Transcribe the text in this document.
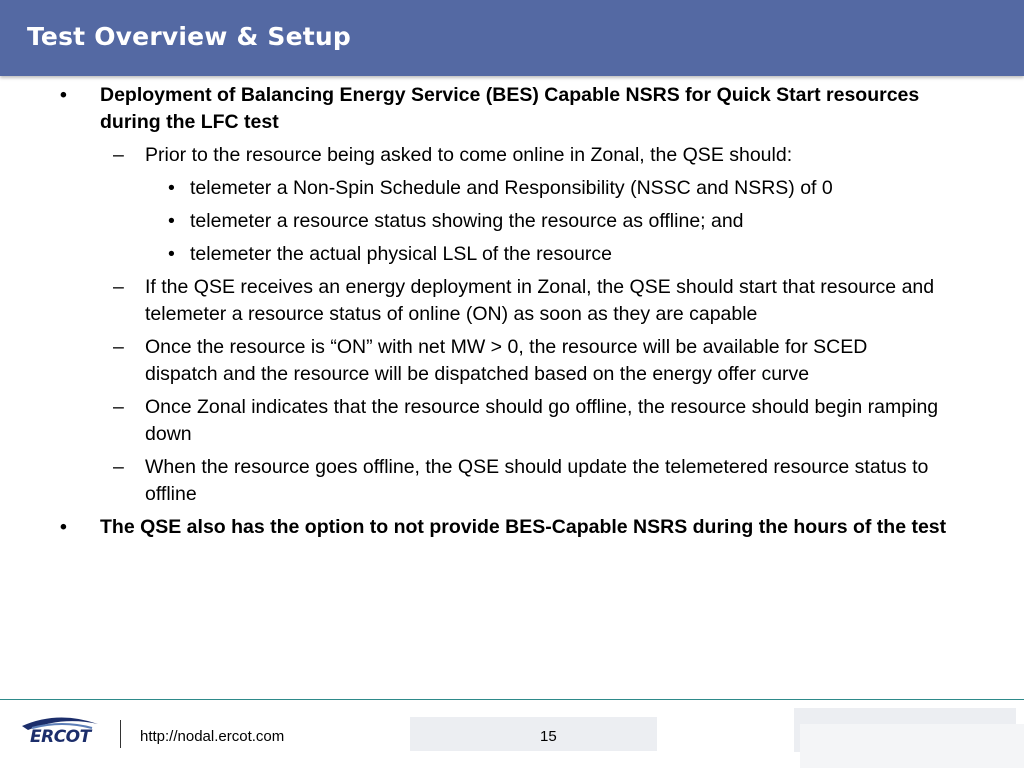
Test Overview & Setup
• Deployment of Balancing Energy Service (BES) Capable NSRS for Quick Start resources during the LFC test
– Prior to the resource being asked to come online in Zonal, the QSE should:
• telemeter a Non-Spin Schedule and Responsibility (NSSC and NSRS) of 0
• telemeter a resource status showing the resource as offline; and
• telemeter the actual physical LSL of the resource
– If the QSE receives an energy deployment in Zonal, the QSE should start that resource and telemeter a resource status of online (ON) as soon as they are capable
– Once the resource is “ON” with net MW > 0, the resource will be available for SCED dispatch and the resource will be dispatched based on the energy offer curve
– Once Zonal indicates that the resource should go offline, the resource should begin ramping down
– When the resource goes offline, the QSE should update the telemetered resource status to offline
• The QSE also has the option to not provide BES-Capable NSRS during the hours of the test
ERCOT	http://nodal.ercot.com	15
